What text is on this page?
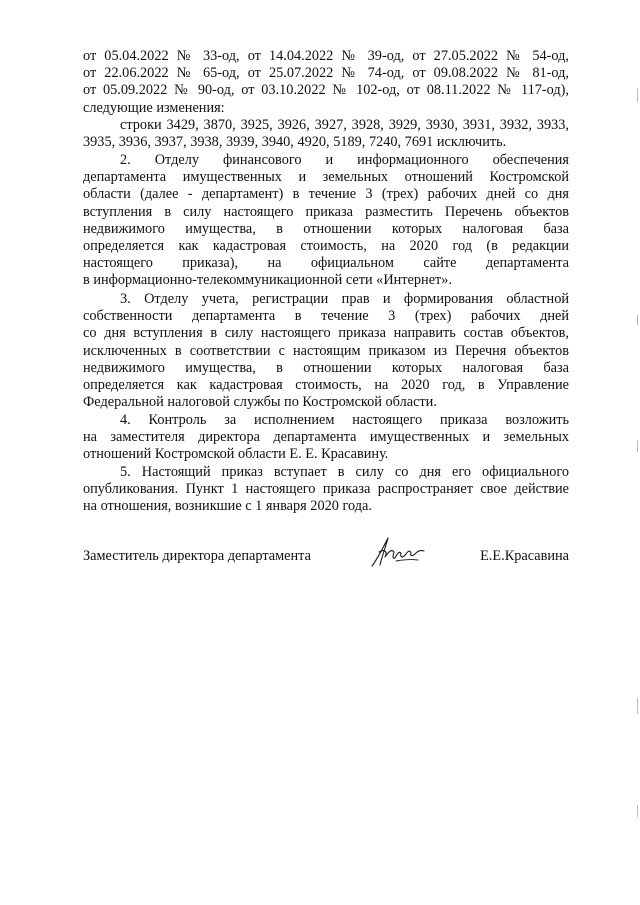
от 05.04.2022 № 33-од, от 14.04.2022 № 39-од, от 27.05.2022 № 54-од,
от 22.06.2022 № 65-од, от 25.07.2022 № 74-од, от 09.08.2022 № 81-од,
от 05.09.2022 № 90-од, от 03.10.2022 № 102-од, от 08.11.2022 № 117-од),
следующие изменения:
строки 3429, 3870, 3925, 3926, 3927, 3928, 3929, 3930, 3931, 3932, 3933,
3935, 3936, 3937, 3938, 3939, 3940, 4920, 5189, 7240, 7691 исключить.
2. Отделу финансового и информационного обеспечения
департамента имущественных и земельных отношений Костромской
области (далее - департамент) в течение 3 (трех) рабочих дней со дня
вступления в силу настоящего приказа разместить Перечень объектов
недвижимого имущества, в отношении которых налоговая база
определяется как кадастровая стоимость, на 2020 год (в редакции
настоящего приказа), на официальном сайте департамента
в информационно-телекоммуникационной сети «Интернет».
3. Отделу учета, регистрации прав и формирования областной
собственности департамента в течение 3 (трех) рабочих дней
со дня вступления в силу настоящего приказа направить состав объектов,
исключенных в соответствии с настоящим приказом из Перечня объектов
недвижимого имущества, в отношении которых налоговая база
определяется как кадастровая стоимость, на 2020 год, в Управление
Федеральной налоговой службы по Костромской области.
4. Контроль за исполнением настоящего приказа возложить
на заместителя директора департамента имущественных и земельных
отношений Костромской области Е. Е. Красавину.
5. Настоящий приказ вступает в силу со дня его официального
опубликования. Пункт 1 настоящего приказа распространяет свое действие
на отношения, возникшие с 1 января 2020 года.
Заместитель директора департамента	Е.Е.Красавина
